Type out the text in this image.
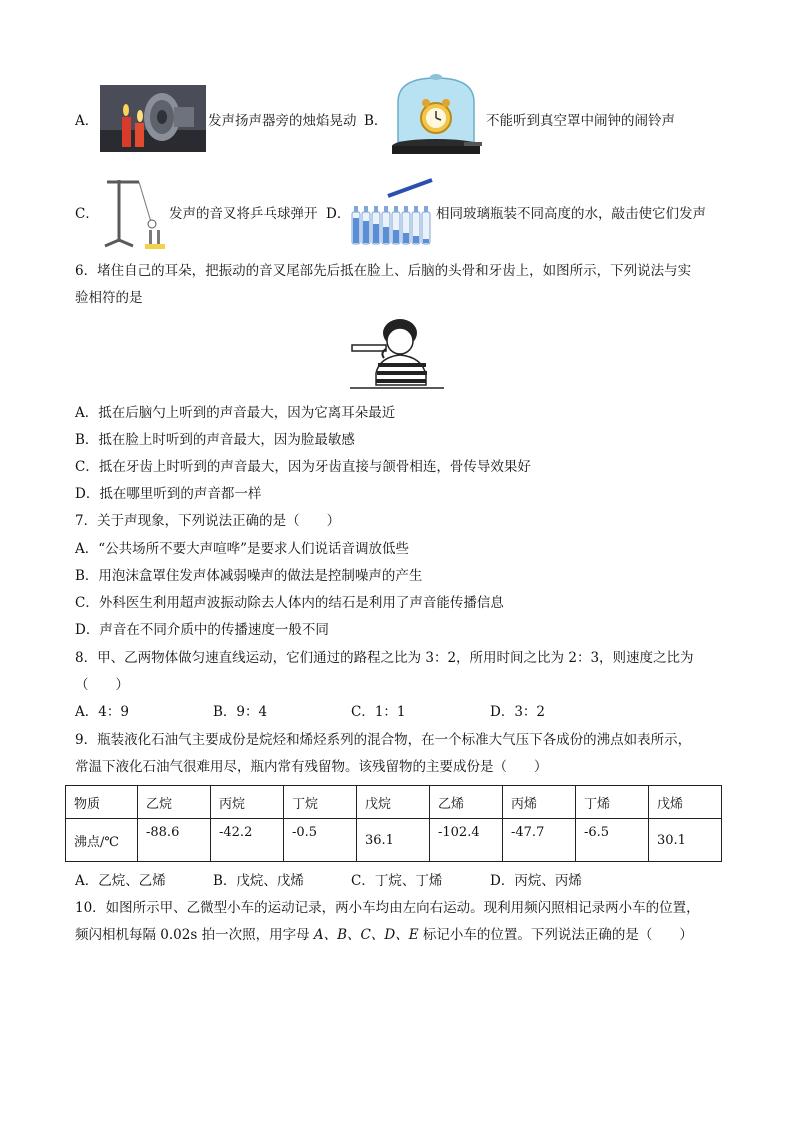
A．	发声扬声器旁的烛焰晃动 B．	不能听到真空罩中闹钟的闹铃声
C．	发声的音叉将乒乓球弹开 D．	相同玻璃瓶装不同高度的水，敲击使它们发声
6．堵住自己的耳朵，把振动的音叉尾部先后抵在脸上、后脑的头骨和牙齿上，如图所示，下列说法与实
验相符的是
A．抵在后脑勺上听到的声音最大，因为它离耳朵最近
B．抵在脸上时听到的声音最大，因为脸最敏感
C．抵在牙齿上时听到的声音最大，因为牙齿直接与颌骨相连，骨传导效果好
D．抵在哪里听到的声音都一样
7．关于声现象，下列说法正确的是（　　）
A．“公共场所不要大声喧哗”是要求人们说话音调放低些
B．用泡沫盒罩住发声体减弱噪声的做法是控制噪声的产生
C．外科医生利用超声波振动除去人体内的结石是利用了声音能传播信息
D．声音在不同介质中的传播速度一般不同
8．甲、乙两物体做匀速直线运动，它们通过的路程之比为 3：2，所用时间之比为 2：3，则速度之比为
（　　）
A．4：9	B．9：4	C．1：1	D．3：2
9．瓶装液化石油气主要成份是烷烃和烯烃系列的混合物，在一个标准大气压下各成份的沸点如表所示，
常温下液化石油气很难用尽，瓶内常有残留物。该残留物的主要成份是（　　）
物质	乙烷	丙烷	丁烷	戊烷	乙烯	丙烯	丁烯	戊烯
沸点/℃	-88.6	-42.2	-0.5	36.1	-102.4	-47.7	-6.5	30.1
A．乙烷、乙烯	B．戊烷、戊烯	C．丁烷、丁烯	D．丙烷、丙烯
10．如图所示甲、乙微型小车的运动记录，两小车均由左向右运动。现利用频闪照相记录两小车的位置，
频闪相机每隔 0.02s 拍一次照，用字母 A、B、C、D、E 标记小车的位置。下列说法正确的是（　　）
